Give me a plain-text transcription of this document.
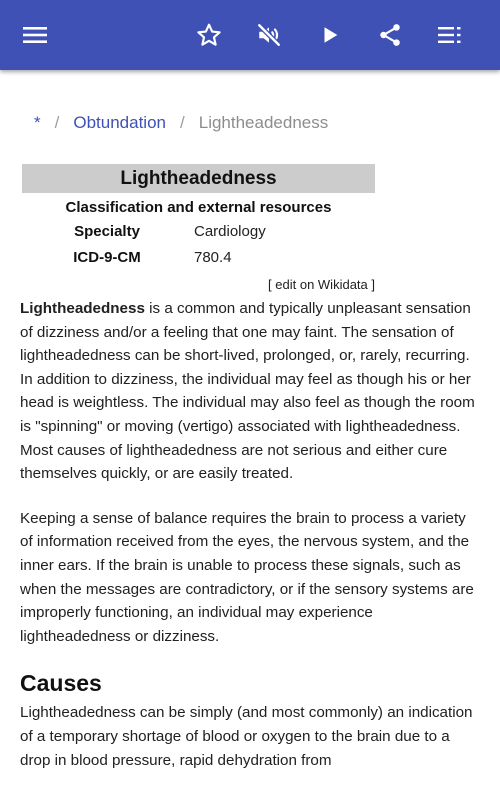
* / Obtundation / Lightheadedness
Lightheadedness
Classification and external resources
Specialty	Cardiology
ICD-9-CM	780.4
[ edit on Wikidata ]

Lightheadedness is a common and typically unpleasant sensation of dizziness and/or a feeling that one may faint. The sensation of lightheadedness can be short-lived, prolonged, or, rarely, recurring. In addition to dizziness, the individual may feel as though his or her head is weightless. The individual may also feel as though the room is "spinning" or moving (vertigo) associated with lightheadedness. Most causes of lightheadedness are not serious and either cure themselves quickly, or are easily treated.

Keeping a sense of balance requires the brain to process a variety of information received from the eyes, the nervous system, and the inner ears. If the brain is unable to process these signals, such as when the messages are contradictory, or if the sensory systems are improperly functioning, an individual may experience lightheadedness or dizziness.

Causes

Lightheadedness can be simply (and most commonly) an indication of a temporary shortage of blood or oxygen to the brain due to a drop in blood pressure, rapid dehydration from
